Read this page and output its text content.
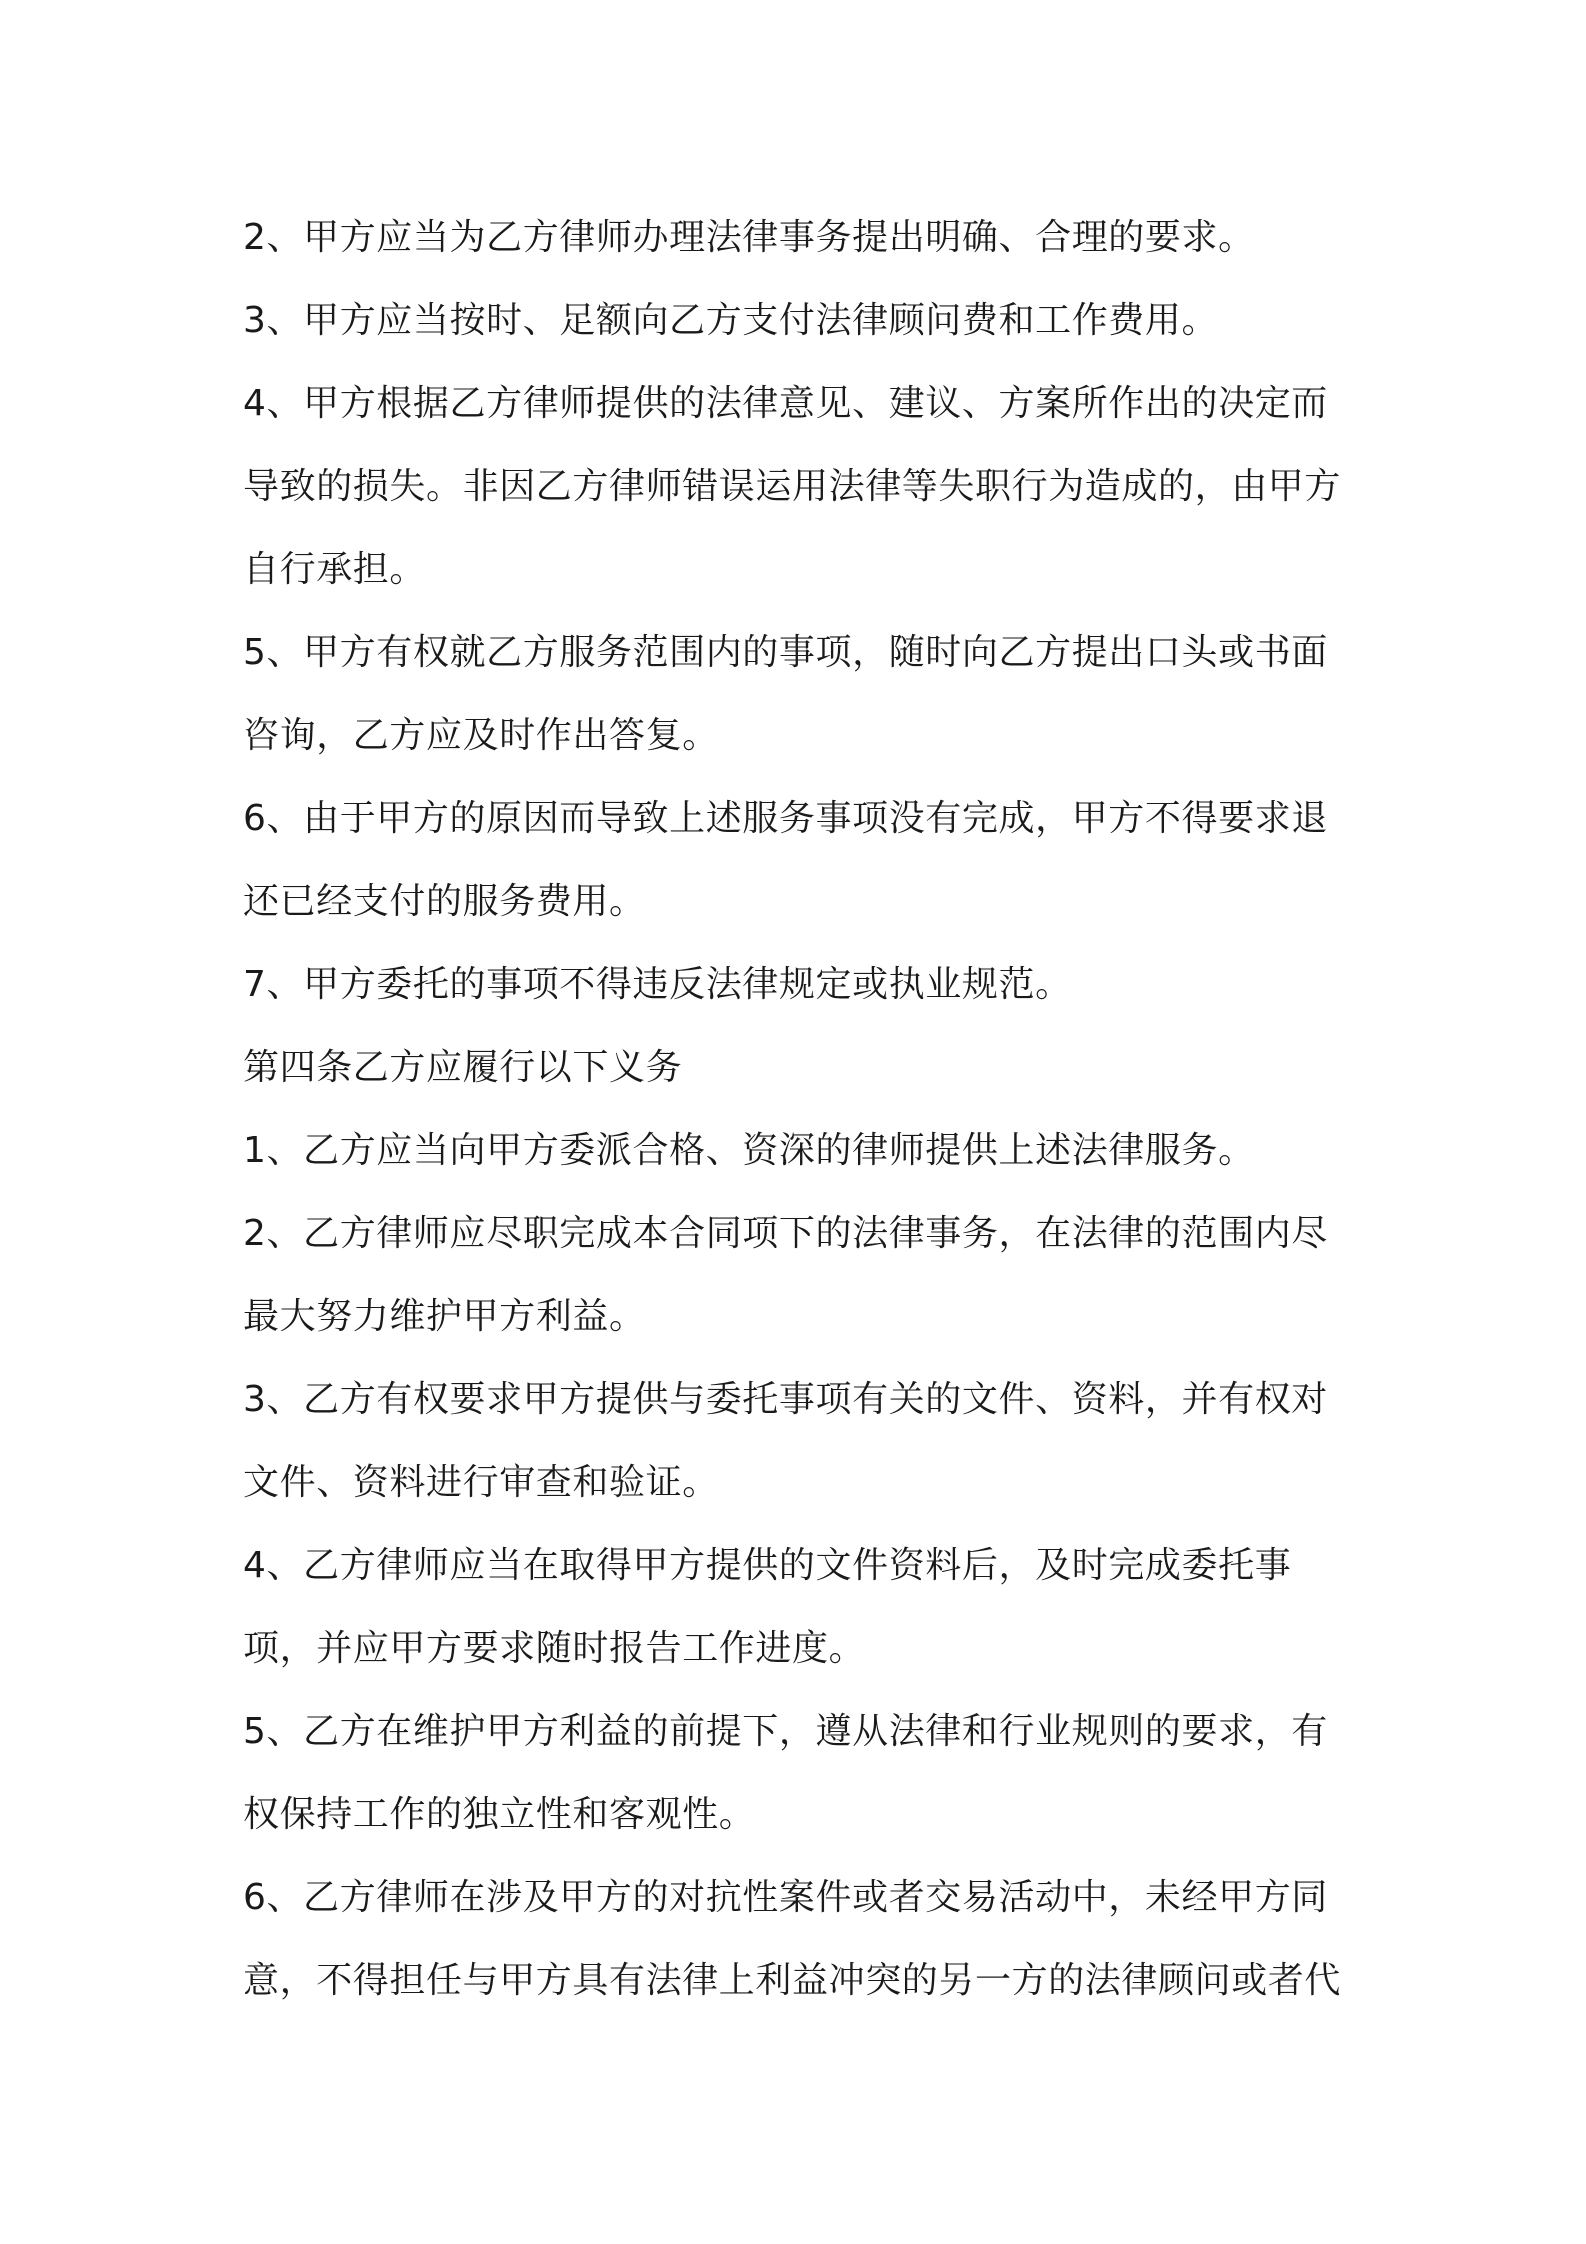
2、甲方应当为乙方律师办理法律事务提出明确、合理的要求。

3、甲方应当按时、足额向乙方支付法律顾问费和工作费用。

4、甲方根据乙方律师提供的法律意见、建议、方案所作出的决定而导致的损失。非因乙方律师错误运用法律等失职行为造成的，由甲方自行承担。

5、甲方有权就乙方服务范围内的事项，随时向乙方提出口头或书面咨询，乙方应及时作出答复。

6、由于甲方的原因而导致上述服务事项没有完成，甲方不得要求退还已经支付的服务费用。

7、甲方委托的事项不得违反法律规定或执业规范。

第四条乙方应履行以下义务

1、乙方应当向甲方委派合格、资深的律师提供上述法律服务。

2、乙方律师应尽职完成本合同项下的法律事务，在法律的范围内尽最大努力维护甲方利益。

3、乙方有权要求甲方提供与委托事项有关的文件、资料，并有权对文件、资料进行审查和验证。

4、乙方律师应当在取得甲方提供的文件资料后，及时完成委托事项，并应甲方要求随时报告工作进度。

5、乙方在维护甲方利益的前提下，遵从法律和行业规则的要求，有权保持工作的独立性和客观性。

6、乙方律师在涉及甲方的对抗性案件或者交易活动中，未经甲方同意，不得担任与甲方具有法律上利益冲突的另一方的法律顾问或者代
